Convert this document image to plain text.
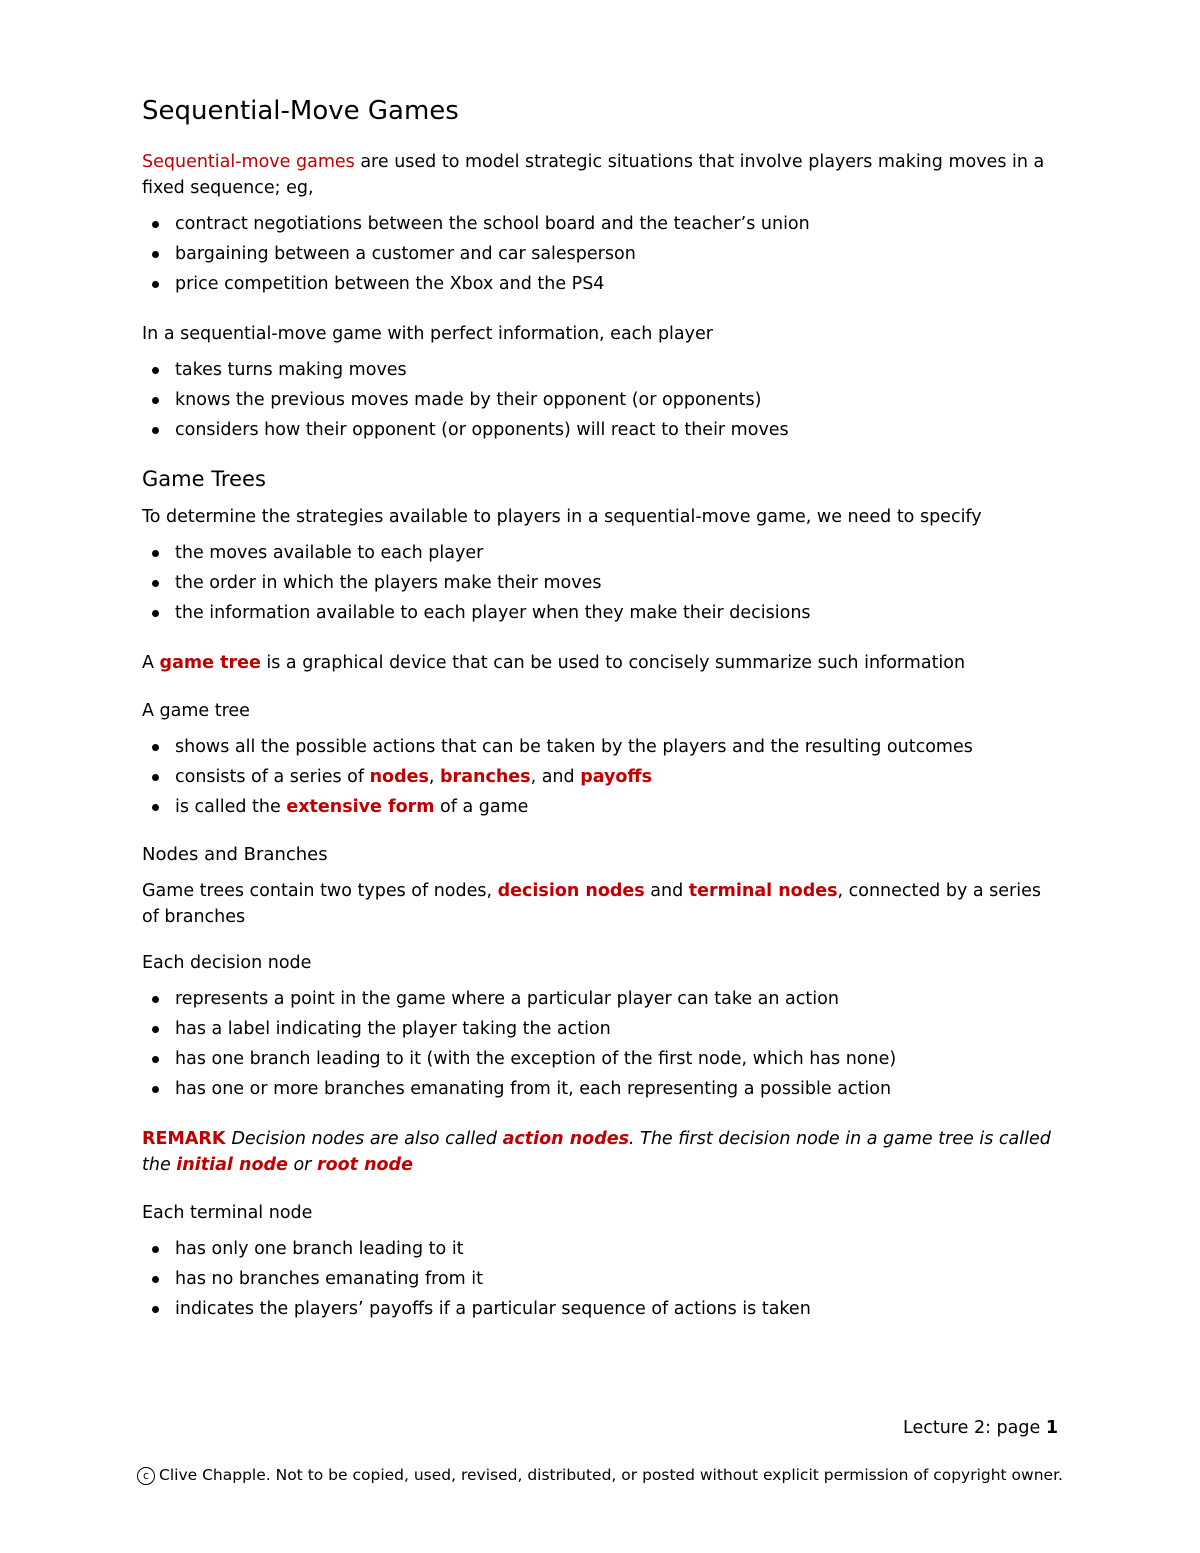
Sequential-Move Games

Sequential-move games are used to model strategic situations that involve players making moves in a fixed sequence; eg,

contract negotiations between the school board and the teacher’s union
bargaining between a customer and car salesperson
price competition between the Xbox and the PS4

In a sequential-move game with perfect information, each player

takes turns making moves
knows the previous moves made by their opponent (or opponents)
considers how their opponent (or opponents) will react to their moves
Game Trees

To determine the strategies available to players in a sequential-move game, we need to specify

the moves available to each player
the order in which the players make their moves
the information available to each player when they make their decisions

A game tree is a graphical device that can be used to concisely summarize such information

A game tree

shows all the possible actions that can be taken by the players and the resulting outcomes
consists of a series of nodes, branches, and payoffs
is called the extensive form of a game
Nodes and Branches

Game trees contain two types of nodes, decision nodes and terminal nodes, connected by a series of branches

Each decision node

represents a point in the game where a particular player can take an action
has a label indicating the player taking the action
has one branch leading to it (with the exception of the first node, which has none)
has one or more branches emanating from it, each representing a possible action

REMARK Decision nodes are also called action nodes. The first decision node in a game tree is called the initial node or root node

Each terminal node

has only one branch leading to it
has no branches emanating from it
indicates the players’ payoffs if a particular sequence of actions is taken
Lecture 2: page 1
c Clive Chapple. Not to be copied, used, revised, distributed, or posted without explicit permission of copyright owner.
